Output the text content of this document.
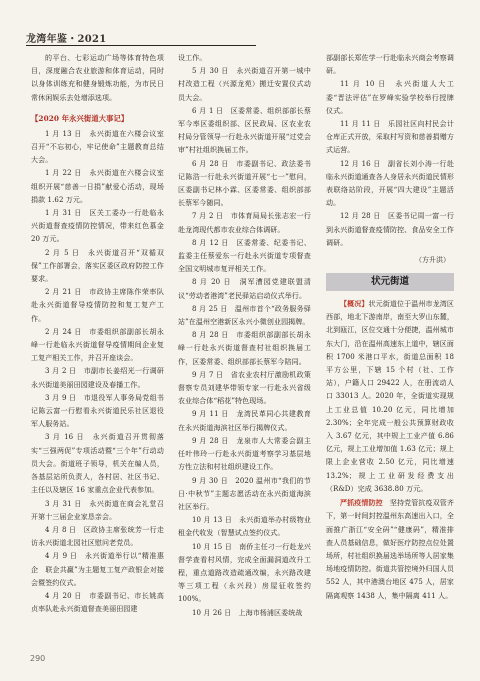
龙湾年鉴・2021

的平台、七彩运动广场等体育特色项目，深度融合农业旅游和体育运动，同时以身体训练充和健身锻炼功能，为市民日常休闲娱乐去处增添选项。

【2020 年永兴街道大事记】

1 月 13 日　永兴街道在六楼会议室召开“不忘初心，牢记使命”主题教育总结大会。

1 月 22 日　永兴街道在六楼会议室组织开展“慈善一日捐”献爱心活动，现场捐款 1.62 万元。

1 月 31 日　区关工委办一行赴临永兴街道督查疫情防控情况，带来红色慕金 20 万元。

2 月 5 日　永兴街道召开“双循双保”工作部署会，落实区委区政府防控工作要求。

2 月 21 日　市政协主席陈作荣率队赴永兴街道督导疫情防控和复工复产工作。

2 月 24 日　市委组织部副部长胡永峰一行赴临永兴街道督导疫情期间企业复工复产相关工作，并召开座谈会。

3 月 2 日　市副市长姜绍光一行调研永兴街道美丽田园建设及春播工作。

3 月 9 日　市退役军人事务局党组书记陈云富一行慰看永兴街道民乐社区退役军人服务站。

3 月 16 日　永兴街道召开贯彻落实“三强两促”专项活动暨“三个年”行动动员大会。街道班子领导，机关在编人员，各基层站所负责人，各村居、社区书记、主任以及辖区 16 家重点企业代表参加。

3 月 31 日　永兴街道在商会礼堂召开第十三届企业家恳亲会。

4 月 8 日　区政协主席张统芳一行走访永兴街道北园社区慰问老党员。

4 月 9 日　永兴街道举行以“精准惠企　联企共赢”为主题复工复产政银企对接会暨签约仪式。

4 月 20 日　市委副书记、市长姚高贞率队赴永兴街道督查美丽田园建

设工作。

5 月 30 日　永兴街道召开第一城中村改造工程（兴源龙苑）搬迁安置仪式动员大会。

6 月 1 日　区委常委、组织部部长蔡军今率区委组织部、区民政局、区农业农村局分管领导一行赴永兴街道开展“过党会审”村社组织换届工作。

6 月 28 日　市委副书记、政法委书记陈浩一行赴永兴街道开展“七一”慰问，区委副书记林小霖、区委常委、组织部部长蔡军今随同。

7 月 2 日　市体育局局长张志宏一行赴龙湾现代都市农业综合体调研。

8 月 12 日　区委常委、纪委书记、监委主任蔡爱东一行赴永兴街道专项督查全国文明城市复评相关工作。

8 月 20 日　洞军漕园党建联盟清议“劳动者港湾”老民驿站启动仪式举行。

8 月 25 日　温州市首个“政务服务驿站”在温州空港新区永兴小微创业园揭牌。

8 月 28 日　市委组织部副部长胡永峰一行赴永兴街道督查村社组织换届工作，区委常委、组织部部长蔡军今陪同。

9 月 7 日　省农业农村厅激励机政策督察专员刘建华带领专家一行赴永兴省级农业综合体“稻花”特色现场。

9 月 11 日　龙湾民革同心共建教育在永兴街道海滨社区举行揭牌仪式。

9 月 28 日　龙泉市人大常委会副主任叶伟玲一行赴永兴街道考察学习基层地方性立法和村社组织建设工作。

9 月 30 日　2020 温州市“我们的节日·中秋节”主题志愿活动在永兴街道海滨社区举行。

10 月 13 日　永兴街道举办村级物业租金代收发（智慧试点签约仪式。

10 月 15 日　南侨主任刁一行赴龙兴督学查看村风情，完成全面漏洞道改升工程，重点道路改造疏通改编，永兴路改建等三项工程（永兴段）房屋征收签约 100%。

10 月 26 日　上海市杨浦区委统战

部副部长郑佐学一行赴临永兴商会考察调研。

11 月 10 日　永兴街道人大工委“晋法评估”在罗峰实验学校举行授牌仪式。

11 月 11 日　乐园社区向村民会计仓库正式开放，采取村写资和慈善捐赠方式运营。

12 月 16 日　副省长刘小涛一行赴临永兴街道通查各人身居永兴街道民情形表联络站阶段，开展“四大建设”主题活动。

12 月 28 日　区委书记周一富一行到永兴街道督查疫情防控、食品安全工作调研。

（方升洪）

状元街道

【概况】状元街道位于温州市龙湾区西部，地北下游南岸，南至大罗山东麓，北到瓯江，区位交通十分便捷，温州城市东大门，沿在温州高速东上道中，辖区面积 1700 米港口平水，街道总面积 18 平方公里，下辖 15 个村（社、工作站），户籍人口 29422 人，在册流动人口 33013 人。2020 年，全街道实现规上工业总值 10.20 亿元，同比增加 2.30%；全年完成一般公共预算财政收入 3.67 亿元，其中规上工业产值 6.86 亿元，规上工业增加值 1.63 亿元；规上限上企业营收 2.50 亿元，同比增速 13.2%；规上工业研发经费支出（R&D）完成 3638.80 万元。

严抓疫情防控　 坚持党管抗疫双管齐下，第一时间封控温州东高速出入口，全面推广浙江“安全码”“健康码”，精准排查人员基础信息，做好医疗防控点位处置场所，村社组织换届选举场所等人居家集场地疫情防控。街道共管控境外归国人员 552 人，其中港澳台地区 475 人，居家隔离观察 1438 人，集中隔离 411 人。

290
